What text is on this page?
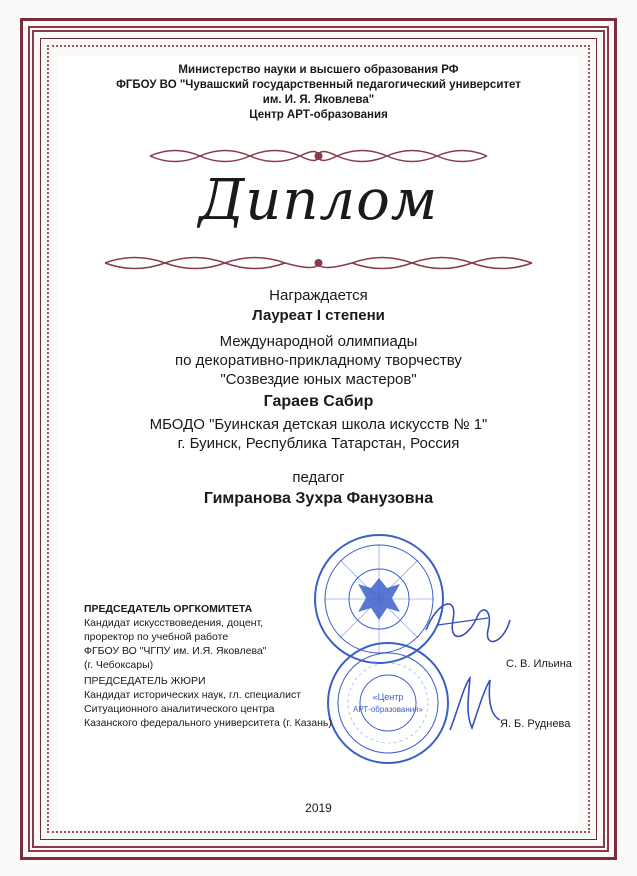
Министерство науки и высшего образования РФ
ФГБОУ ВО "Чувашский государственный педагогический университет
им. И. Я. Яковлева"
Центр АРТ-образования
Диплом
Награждается
Лауреат I степени
Международной олимпиады
по декоративно-прикладному творчеству
"Созвездие юных мастеров"
Гараев Сабир
МБОДО "Буинская детская школа искусств № 1"
г. Буинск, Республика Татарстан, Россия
педагог
Гимранова Зухра Фанузовна
«Центр
АРТ-образования»
ПРЕДСЕДАТЕЛЬ ОРГКОМИТЕТА
Кандидат искусствоведения, доцент,
проректор по учебной работе
ФГБОУ ВО "ЧГПУ им. И.Я. Яковлева"
(г. Чебоксары)
ПРЕДСЕДАТЕЛЬ ЖЮРИ
Кандидат исторических наук, гл. специалист
Ситуационного аналитического центра
Казанского федерального университета (г. Казань)
С. В. Ильина
Я. Б. Руднева
2019
